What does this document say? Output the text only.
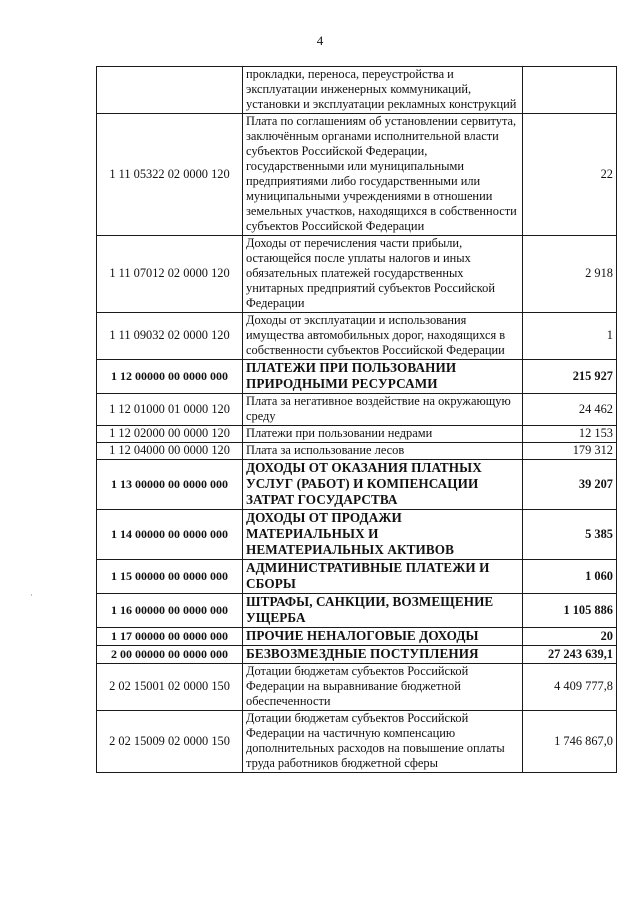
4
·
	прокладки, переноса, переустройства и эксплуатации инженерных коммуникаций, установки и эксплуатации рекламных конструкций	
1 11 05322 02 0000 120	Плата по соглашениям об установлении сервитута, заключённым органами исполнительной власти субъектов Российской Федерации, государственными или муниципальными предприятиями либо государственными или муниципальными учреждениями в отношении земельных участков, находящихся в собственности субъектов Российской Федерации	22
1 11 07012 02 0000 120	Доходы от перечисления части прибыли, остающейся после уплаты налогов и иных обязательных платежей государственных унитарных предприятий субъектов Российской Федерации	2 918
1 11 09032 02 0000 120	Доходы от эксплуатации и использования имущества автомобильных дорог, находящихся в собственности субъектов Российской Федерации	1
1 12 00000 00 0000 000	ПЛАТЕЖИ ПРИ ПОЛЬЗОВАНИИ ПРИРОДНЫМИ РЕСУРСАМИ	215 927
1 12 01000 01 0000 120	Плата за негативное воздействие на окружающую среду	24 462
1 12 02000 00 0000 120	Платежи при пользовании недрами	12 153
1 12 04000 00 0000 120	Плата за использование лесов	179 312
1 13 00000 00 0000 000	ДОХОДЫ ОТ ОКАЗАНИЯ ПЛАТНЫХ УСЛУГ (РАБОТ) И КОМПЕНСАЦИИ ЗАТРАТ ГОСУДАРСТВА	39 207
1 14 00000 00 0000 000	ДОХОДЫ ОТ ПРОДАЖИ МАТЕРИАЛЬНЫХ И НЕМАТЕРИАЛЬНЫХ АКТИВОВ	5 385
1 15 00000 00 0000 000	АДМИНИСТРАТИВНЫЕ ПЛАТЕЖИ И СБОРЫ	1 060
1 16 00000 00 0000 000	ШТРАФЫ, САНКЦИИ, ВОЗМЕЩЕНИЕ УЩЕРБА	1 105 886
1 17 00000 00 0000 000	ПРОЧИЕ НЕНАЛОГОВЫЕ ДОХОДЫ	20
2 00 00000 00 0000 000	БЕЗВОЗМЕЗДНЫЕ ПОСТУПЛЕНИЯ	27 243 639,1
2 02 15001 02 0000 150	Дотации бюджетам субъектов Российской Федерации на выравнивание бюджетной обеспеченности	4 409 777,8
2 02 15009 02 0000 150	Дотации бюджетам субъектов Российской Федерации на частичную компенсацию дополнительных расходов на повышение оплаты труда работников бюджетной сферы	1 746 867,0
